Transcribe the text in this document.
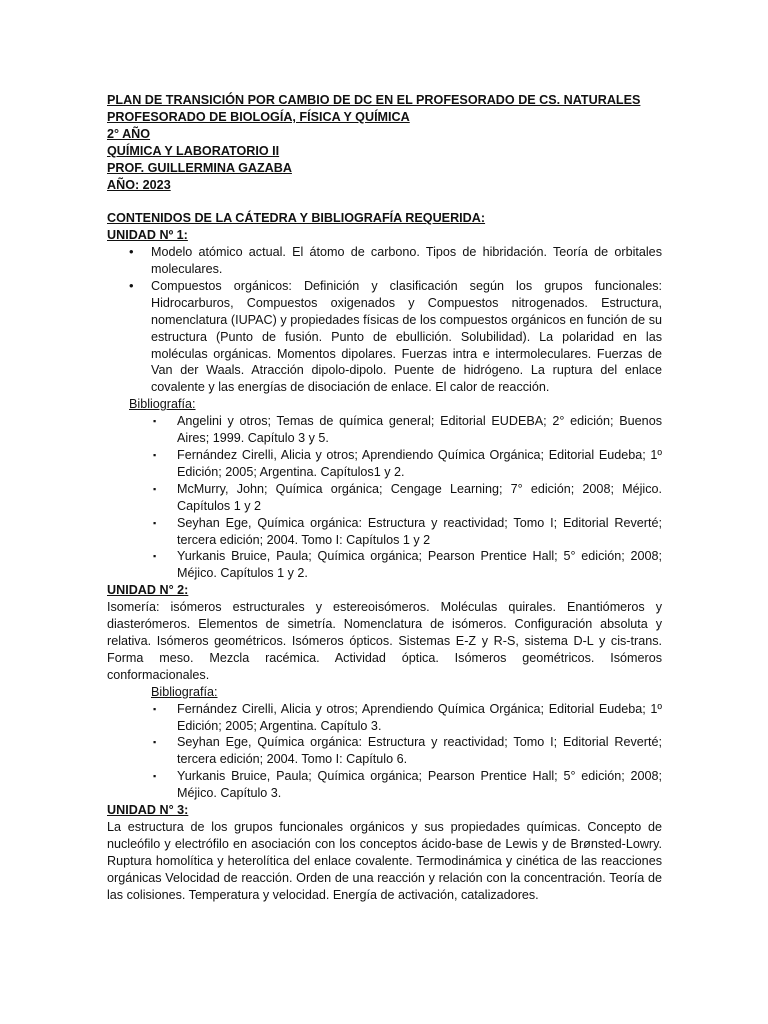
PLAN DE TRANSICIÓN POR CAMBIO DE DC EN EL PROFESORADO DE CS. NATURALES

PROFESORADO DE BIOLOGÍA, FÍSICA Y QUÍMICA

2° AÑO

QUÍMICA Y LABORATORIO II

PROF. GUILLERMINA GAZABA

AÑO: 2023

CONTENIDOS DE LA CÁTEDRA Y BIBLIOGRAFÍA REQUERIDA:

UNIDAD Nº 1:

• Modelo atómico actual. El átomo de carbono. Tipos de hibridación. Teoría de orbitales moleculares.
• Compuestos orgánicos: Definición y clasificación según los grupos funcionales: Hidrocarburos, Compuestos oxigenados y Compuestos nitrogenados. Estructura, nomenclatura (IUPAC) y propiedades físicas de los compuestos orgánicos en función de su estructura (Punto de fusión. Punto de ebullición. Solubilidad). La polaridad en las moléculas orgánicas. Momentos dipolares. Fuerzas intra e intermoleculares. Fuerzas de Van der Waals. Atracción dipolo-dipolo. Puente de hidrógeno. La ruptura del enlace covalente y las energías de disociación de enlace. El calor de reacción.

Bibliografía:

▪ Angelini y otros; Temas de química general; Editorial EUDEBA; 2° edición; Buenos Aires; 1999. Capítulo 3 y 5.
▪ Fernández Cirelli, Alicia y otros; Aprendiendo Química Orgánica; Editorial Eudeba; 1º Edición; 2005; Argentina. Capítulos1 y 2.
▪ McMurry, John; Química orgánica; Cengage Learning; 7° edición; 2008; Méjico. Capítulos 1 y 2
▪ Seyhan Ege, Química orgánica: Estructura y reactividad; Tomo I; Editorial Reverté; tercera edición; 2004. Tomo I: Capítulos 1 y 2
▪ Yurkanis Bruice, Paula; Química orgánica; Pearson Prentice Hall; 5° edición; 2008; Méjico. Capítulos 1 y 2.

UNIDAD N° 2:

Isomería: isómeros estructurales y estereoisómeros. Moléculas quirales. Enantiómeros y diasterómeros. Elementos de simetría. Nomenclatura de isómeros. Configuración absoluta y relativa. Isómeros geométricos. Isómeros ópticos. Sistemas E-Z y R-S, sistema D-L y cis-trans. Forma meso. Mezcla racémica. Actividad óptica. Isómeros geométricos. Isómeros conformacionales.

Bibliografía:

▪ Fernández Cirelli, Alicia y otros; Aprendiendo Química Orgánica; Editorial Eudeba; 1º Edición; 2005; Argentina. Capítulo 3.
▪ Seyhan Ege, Química orgánica: Estructura y reactividad; Tomo I; Editorial Reverté; tercera edición; 2004. Tomo I: Capítulo 6.
▪ Yurkanis Bruice, Paula; Química orgánica; Pearson Prentice Hall; 5° edición; 2008; Méjico. Capítulo 3.

UNIDAD N° 3:

La estructura de los grupos funcionales orgánicos y sus propiedades químicas. Concepto de nucleófilo y electrófilo en asociación con los conceptos ácido-base de Lewis y de Brønsted-Lowry. Ruptura homolítica y heterolítica del enlace covalente. Termodinámica y cinética de las reacciones orgánicas Velocidad de reacción. Orden de una reacción y relación con la concentración. Teoría de las colisiones. Temperatura y velocidad. Energía de activación, catalizadores.
